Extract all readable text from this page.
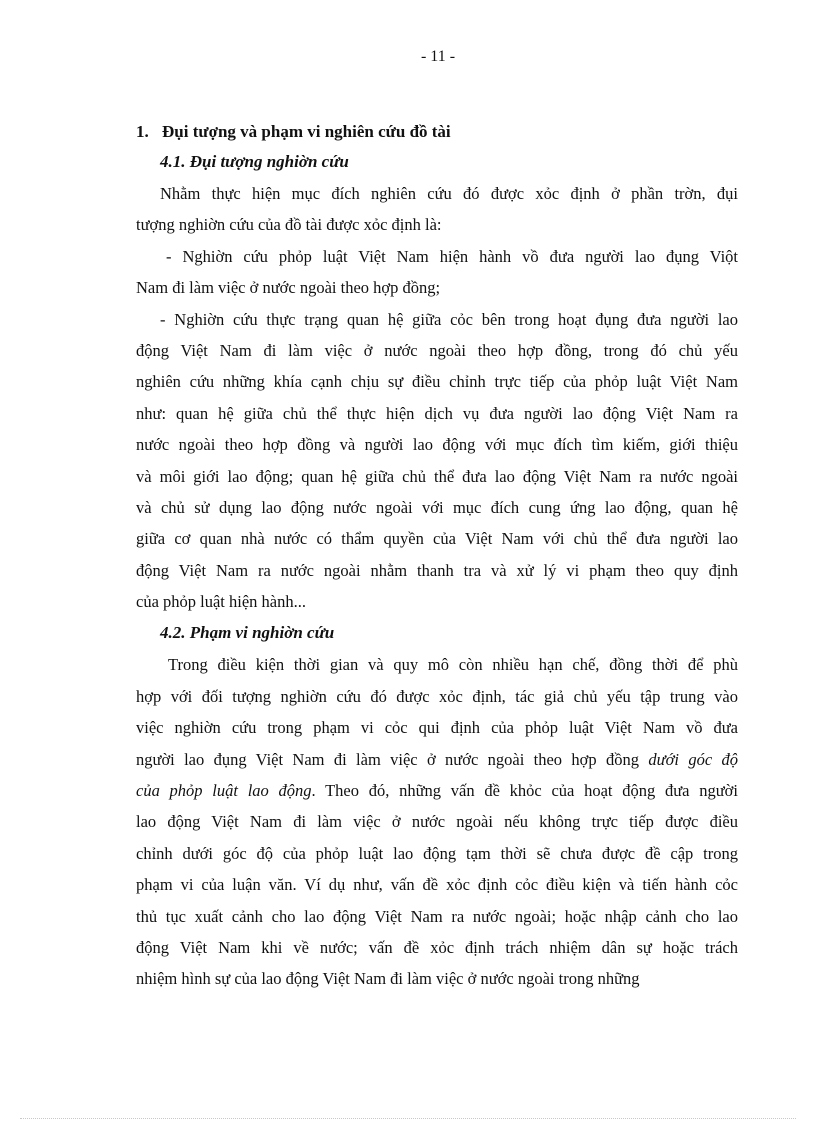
- 11 -
1. Đụi tượng và phạm vi nghiên cứu đồ tài
4.1. Đụi tượng nghiờn cứu

Nhằm thực hiện mục đích nghiên cứu đó được xỏc định ở phần trờn, đụi
tượng nghiờn cứu của đồ tài được xỏc định là:

- Nghiờn cứu phỏp luật Việt Nam hiện hành vồ đưa người lao đụng Viột
Nam đi làm việc ở nước ngoài theo hợp đồng;

- Nghiờn cứu thực trạng quan hệ giữa cỏc bên trong hoạt đụng đưa người lao
động Việt Nam đi làm việc ở nước ngoài theo hợp đồng, trong đó chủ yếu
nghiên cứu những khía cạnh chịu sự điều chỉnh trực tiếp của phỏp luật Việt Nam
như: quan hệ giữa chủ thể thực hiện dịch vụ đưa người lao động Việt Nam ra
nước ngoài theo hợp đồng và người lao động với mục đích tìm kiếm, giới thiệu
và môi giới lao động; quan hệ giữa chủ thể đưa lao động Việt Nam ra nước ngoài
và chủ sử dụng lao động nước ngoài với mục đích cung ứng lao động, quan hệ
giữa cơ quan nhà nước có thẩm quyền của Việt Nam với chủ thể đưa người lao
động Việt Nam ra nước ngoài nhằm thanh tra và xử lý vi phạm theo quy định
của phỏp luật hiện hành...

4.2. Phạm vi nghiờn cứu

Trong điều kiện thời gian và quy mô còn nhiều hạn chế, đồng thời để phù
hợp với đối tượng nghiờn cứu đó được xỏc định, tác giả chủ yếu tập trung vào
việc nghiờn cứu trong phạm vi cỏc qui định của phỏp luật Việt Nam vồ đưa
người lao đụng Việt Nam đi làm việc ở nước ngoài theo hợp đồng dưới góc độ
của phỏp luật lao động. Theo đó, những vấn đề khỏc của hoạt động đưa người
lao động Việt Nam đi làm việc ở nước ngoài nếu không trực tiếp được điều
chỉnh dưới góc độ của phỏp luật lao động tạm thời sẽ chưa được đề cập trong
phạm vi của luận văn. Ví dụ như, vấn đề xỏc định cỏc điều kiện và tiến hành cỏc
thủ tục xuất cảnh cho lao động Việt Nam ra nước ngoài; hoặc nhập cảnh cho lao
động Việt Nam khi về nước; vấn đề xỏc định trách nhiệm dân sự hoặc trách
nhiệm hình sự của lao động Việt Nam đi làm việc ở nước ngoài trong những
